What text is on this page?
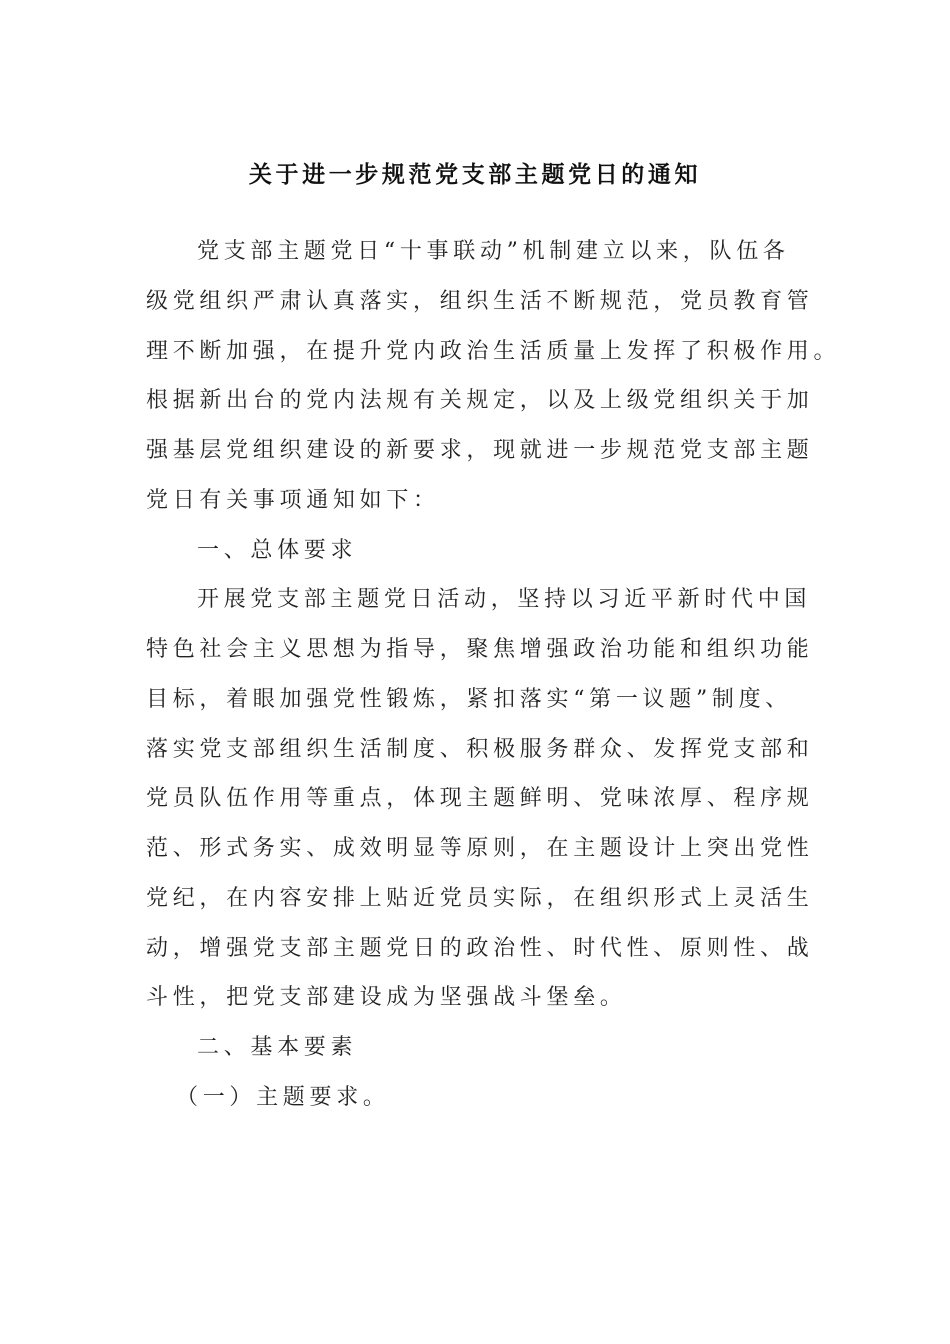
关于进一步规范党支部主题党日的通知
党支部主题党日“十事联动”机制建立以来，队伍各
级党组织严肃认真落实，组织生活不断规范，党员教育管
理不断加强，在提升党内政治生活质量上发挥了积极作用。
根据新出台的党内法规有关规定，以及上级党组织关于加
强基层党组织建设的新要求，现就进一步规范党支部主题
党日有关事项通知如下：
一、总体要求
开展党支部主题党日活动，坚持以习近平新时代中国
特色社会主义思想为指导，聚焦增强政治功能和组织功能
目标，着眼加强党性锻炼，紧扣落实“第一议题”制度、
落实党支部组织生活制度、积极服务群众、发挥党支部和
党员队伍作用等重点，体现主题鲜明、党味浓厚、程序规
范、形式务实、成效明显等原则，在主题设计上突出党性
党纪，在内容安排上贴近党员实际，在组织形式上灵活生
动，增强党支部主题党日的政治性、时代性、原则性、战
斗性，把党支部建设成为坚强战斗堡垒。
二、基本要素
（一）主题要求。
